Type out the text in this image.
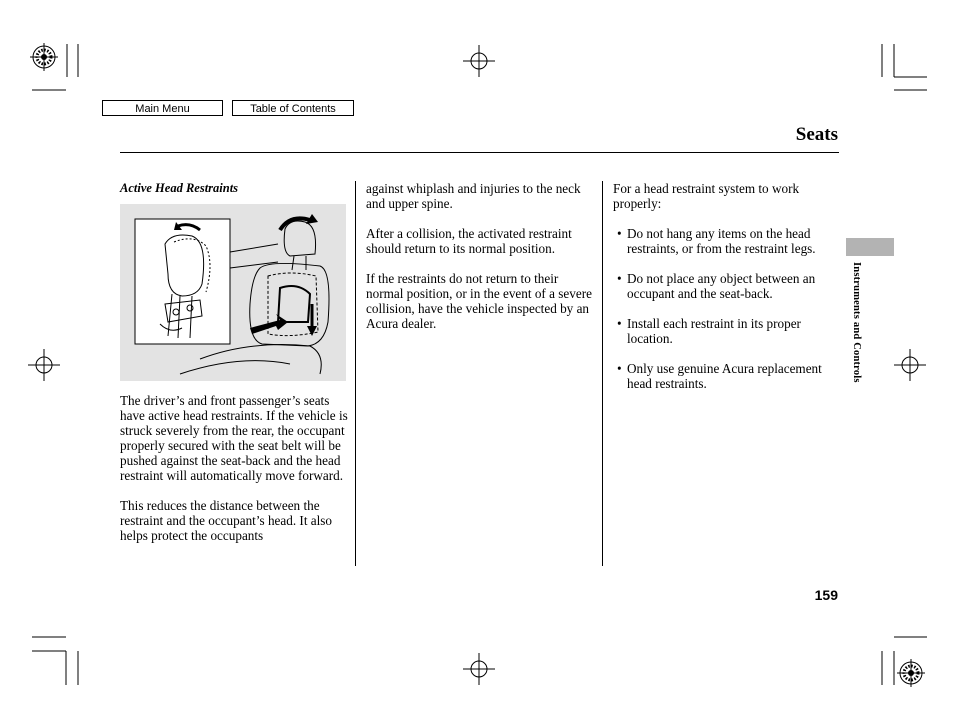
Main Menu	Table of Contents
Seats
Active Head Restraints

The driver’s and front passenger’s seats have active head restraints. If the vehicle is struck severely from the rear, the occupant properly secured with the seat belt will be pushed against the seat-back and the head restraint will automatically move forward.

This reduces the distance between the restraint and the occupant’s head. It also helps protect the occupants

against whiplash and injuries to the neck and upper spine.

After a collision, the activated restraint should return to its normal position.

If the restraints do not return to their normal position, or in the event of a severe collision, have the vehicle inspected by an Acura dealer.

For a head restraint system to work properly:

• Do not hang any items on the head restraints, or from the restraint legs.
• Do not place any object between an occupant and the seat-back.
• Install each restraint in its proper location.
• Only use genuine Acura replacement head restraints.
Instruments and Controls
159
